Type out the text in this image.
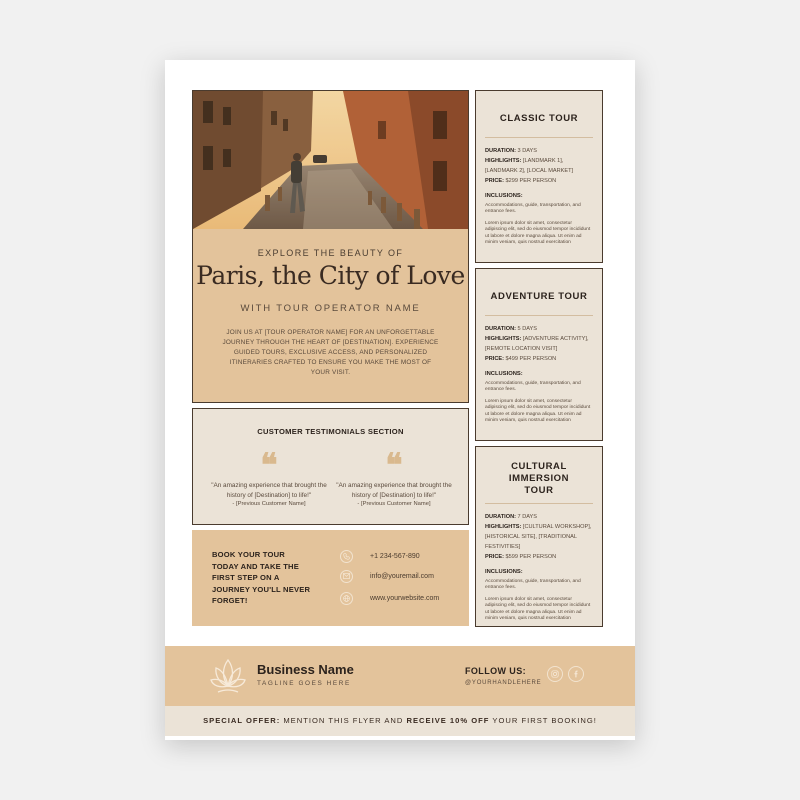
EXPLORE THE BEAUTY OF
Paris, the City of Love
WITH TOUR OPERATOR NAME
JOIN US AT [TOUR OPERATOR NAME] FOR AN UNFORGETTABLE JOURNEY THROUGH THE HEART OF [DESTINATION]. EXPERIENCE GUIDED TOURS, EXCLUSIVE ACCESS, AND PERSONALIZED ITINERARIES CRAFTED TO ENSURE YOU MAKE THE MOST OF YOUR VISIT.
CLASSIC TOUR
DURATION: 3 DAYS
HIGHLIGHTS: [LANDMARK 1], [LANDMARK 2], [LOCAL MARKET]
PRICE: $299 PER PERSON
INCLUSIONS:
Accommodations, guide, transportation, and entrance fees.
Lorem ipsum dolor sit amet, consectetur adipiscing elit, sed do eiusmod tempor incididunt ut labore et dolore magna aliqua. Ut enim ad minim veniam, quis nostrud exercitation
ADVENTURE TOUR
DURATION: 5 DAYS
HIGHLIGHTS: [ADVENTURE ACTIVITY], [REMOTE LOCATION VISIT]
PRICE: $499 PER PERSON
INCLUSIONS:
Accommodations, guide, transportation, and entrance fees.
Lorem ipsum dolor sit amet, consectetur adipiscing elit, sed do eiusmod tempor incididunt ut labore et dolore magna aliqua. Ut enim ad minim veniam, quis nostrud exercitation
CULTURAL IMMERSION TOUR
DURATION: 7 DAYS
HIGHLIGHTS: [CULTURAL WORKSHOP], [HISTORICAL SITE], [TRADITIONAL FESTIVITIES]
PRICE: $599 PER PERSON
INCLUSIONS:
Accommodations, guide, transportation, and entrance fees.
Lorem ipsum dolor sit amet, consectetur adipiscing elit, sed do eiusmod tempor incididunt ut labore et dolore magna aliqua. Ut enim ad minim veniam, quis nostrud exercitation
CUSTOMER TESTIMONIALS SECTION
❝
"An amazing experience that brought the history of [Destination] to life!"
- [Previous Customer Name]
❝
"An amazing experience that brought the history of [Destination] to life!"
- [Previous Customer Name]
BOOK YOUR TOUR TODAY AND TAKE THE FIRST STEP ON A JOURNEY YOU'LL NEVER FORGET!
+1 234-567-890
info@youremail.com
www.yourwebsite.com
Business Name
TAGLINE GOES HERE
FOLLOW US:
@YOURHANDLEHERE
SPECIAL OFFER: MENTION THIS FLYER AND RECEIVE 10% OFF YOUR FIRST BOOKING!
